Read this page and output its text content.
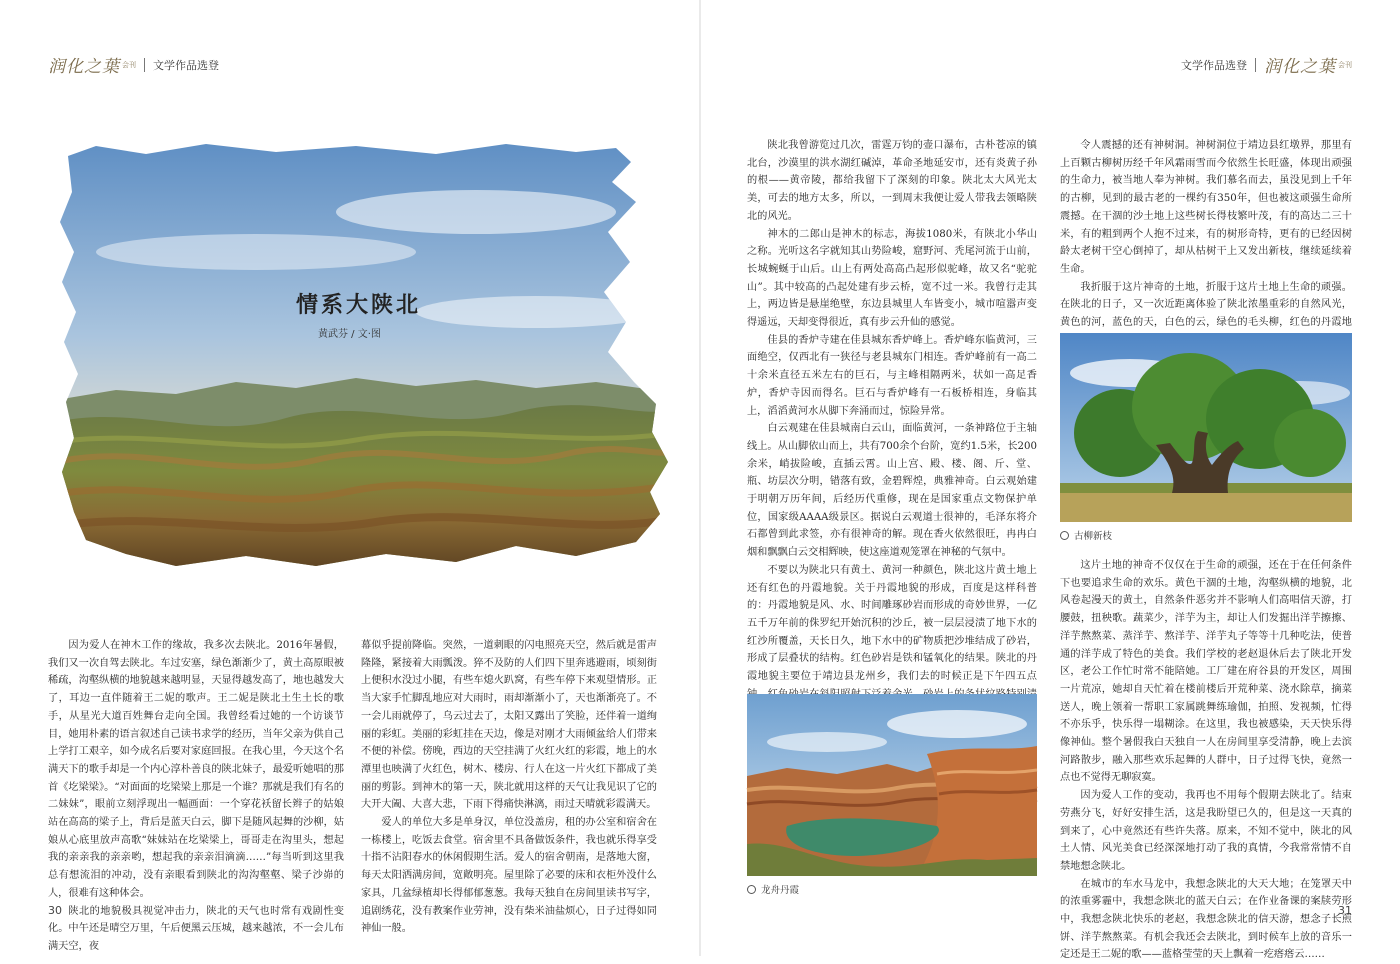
润化之葉 会刊 文学作品选登
情系大陕北
黄武芬 / 文·图

因为爱人在神木工作的缘故，我多次去陕北。2016年暑假，我们又一次自驾去陕北。车过安塞，绿色渐渐少了，黄土高原眼被稀疏，沟壑纵横的地貌越来越明显，天显得越发高了，地也越发大了，耳边一直伴随着王二妮的歌声。王二妮是陕北土生土长的歌手，从星光大道百姓舞台走向全国。我曾经看过她的一个访谈节目，她用朴素的语言叙述自己读书求学的经历，当年父亲为供自己上学打工艰辛，如今成名后要对家庭回报。在我心里，今天这个名满天下的歌手却是一个内心淳朴善良的陕北妹子，最爱听她唱的那首《圪梁梁》。“对面面的圪梁梁上那是一个谁？那就是我们有名的二妹妹”，眼前立刻浮现出一幅画面：一个穿花袄留长辫子的姑娘站在高高的梁子上，背后是蓝天白云，脚下是随风起舞的沙柳，姑娘从心底里放声高歌“妹妹站在圪梁梁上，哥哥走在沟里头，想起我的亲亲我的亲亲哟，想起我的亲亲泪滴滴……”每当听到这里我总有想流泪的冲动，没有亲眼看到陕北的沟沟壑壑、梁子沙峁的人，很难有这种体会。

陕北的地貌极具视觉冲击力，陕北的天气也时常有戏剧性变化。中午还是晴空万里，午后便黑云压城，越来越浓，不一会儿布满天空，夜

幕似乎提前降临。突然，一道刺眼的闪电照亮天空，然后就是雷声隆隆，紧接着大雨瓢泼。猝不及防的人们四下里奔逃避雨，顷刻街上便积水没过小腿，有些车熄火趴窝，有些车停下来观望情形。正当大家手忙脚乱地应对大雨时，雨却渐渐小了，天也渐渐亮了。不一会儿雨就停了，乌云过去了，太阳又露出了笑脸，还伴着一道绚丽的彩虹。美丽的彩虹挂在天边，像是对刚才大雨倾盆给人们带来不便的补偿。傍晚，西边的天空挂满了火红火红的彩霞，地上的水潭里也映满了火红色，树木、楼房、行人在这一片火红下都成了美丽的剪影。到神木的第一天，陕北就用这样的天气让我见识了它的大开大阖、大喜大悲，下雨下得痛快淋漓，雨过天晴就彩霞满天。

爱人的单位大多是单身汉，单位没盖房，租的办公室和宿舍在一栋楼上，吃饭去食堂。宿舍里不具备做饭条件，我也就乐得享受十指不沾阳春水的休闲假期生活。爱人的宿舍朝南，是落地大窗，每天太阳洒满房间，宽敞明亮。屋里除了必要的床和衣柜外没什么家具，几盆绿植却长得郁郁葱葱。我每天独自在房间里读书写字，追剧绣花，没有教案作业劳神，没有柴米油盐烦心，日子过得如同神仙一般。

30
文学作品选登 润化之葉 会刊

陕北我曾游览过几次，雷霆万钧的壶口瀑布，古朴苍凉的镇北台，沙漠里的洪水湖红碱淖，革命圣地延安市，还有炎黄子孙的根——黄帝陵，都给我留下了深刻的印象。陕北太大风光太美，可去的地方太多，所以，一到周末我便让爱人带我去领略陕北的风光。

神木的二郎山是神木的标志，海拔1080米，有陕北小华山之称。光听这名字就知其山势险峻，窟野河、秃尾河流于山前，长城蜿蜒于山后。山上有两处高高凸起形似驼峰，故又名“驼驼山”。其中较高的凸起处建有步云桥，宽不过一米。我曾行走其上，两边皆是悬崖绝壁，东边县城里人车皆变小，城市喧嚣声变得遥远，天却变得很近，真有步云升仙的感觉。

佳县的香炉寺建在佳县城东香炉峰上。香炉峰东临黄河，三面绝空，仅西北有一狭径与老县城东门相连。香炉峰前有一高二十余米直径五米左右的巨石，与主峰相隔两米，状如一高足香炉，香炉寺因而得名。巨石与香炉峰有一石板桥相连，身临其上，滔滔黄河水从脚下奔涌而过，惊险异常。

白云观建在佳县城南白云山，面临黄河，一条神路位于主轴线上。从山脚依山而上，共有700余个台阶，宽约1.5米，长200余米，峭拔险峻，直插云霄。山上宫、殿、楼、阁、斤、堂、瓶、坊层次分明，错落有致，金碧辉煌，典雅神奇。白云观始建于明朝万历年间，后经历代重修，现在是国家重点文物保护单位，国家级AAAA级景区。据说白云观道士很神的，毛泽东将介石都曾到此求签，亦有很神奇的解。现在香火依然很旺，冉冉白烟和飘飘白云交相辉映，使这座道观笼罩在神秘的气氛中。

不要以为陕北只有黄土、黄河一种颜色，陕北这片黄土地上还有红色的丹霞地貌。关于丹霞地貌的形成，百度是这样科普的：丹霞地貌是风、水、时间雕琢砂岩而形成的奇妙世界，一亿五千万年前的侏罗纪开始沉积的沙丘，被一层层浸渍了地下水的红沙所覆盖，天长日久，地下水中的矿物质把沙堆结成了砂岩，形成了层叠状的结构。红色砂岩是铁和锰氧化的结果。陕北的丹霞地貌主要位于靖边县龙州乡，我们去的时候正是下午四五点

龙舟丹霞

令人震撼的还有神树洞。神树洞位于靖边县红墩界，那里有上百颗古柳树历经千年风霜雨雪而今依然生长旺盛，体现出顽强的生命力，被当地人奉为神树。我们慕名而去，虽没见到上千年的古柳，见到的最古老的一棵约有350年，但也被这顽强生命所震撼。在干涸的沙土地上这些树长得枝繁叶茂，有的高达二三十米，有的粗到两个人抱不过来，有的树形奇特，更有的已经因树龄太老树干空心倒掉了，却从枯树干上又发出新枝，继续延续着生命。

我折服于这片神奇的土地，折服于这片土地上生命的顽强。在陕北的日子，又一次近距离体验了陕北浓墨重彩的自然风光，黄色的河，蓝色的天，白色的云，绿色的毛头柳，红色的丹霞地

古柳新枝

这片土地的神奇不仅仅在于生命的顽强，还在于在任何条件下也要追求生命的欢乐。黄色干涸的土地，沟壑纵横的地貌，北风卷起漫天的黄土，自然条件恶劣并不影响人们高唱信天游，打腰鼓，扭秧歌。蔬菜少，洋芋为主，却让人们发掘出洋芋擦擦、洋芋熬熬菜、蒸洋芋、熬洋芋、洋芋丸子等等十几种吃法，使普通的洋芋成了特色的美食。我们学校的老赵退休后去了陕北开发区，老公工作忙时常不能陪她。工厂建在府谷县的开发区，周围一片荒凉，她却自天忙着在楼前楼后开荒种菜、浇水除草，摘菜送人，晚上领着一帮职工家属跳舞练瑜伽，拍照、发视频，忙得不亦乐乎，快乐得一塌糊涂。在这里，我也被感染，天天快乐得像神仙。整个暑假我白天独自一人在房间里享受清静，晚上去滨河路散步，融入那些欢乐起舞的人群中，日子过得飞快，竟然一点也不觉得无聊寂寞。

因为爱人工作的变动，我再也不用每个假期去陕北了。结束劳燕分飞，好好安排生活，这是我盼望已久的，但是这一天真的到来了，心中竟然还有些许失落。原来，不知不觉中，陕北的风土人情、风光美食已经深深地打动了我的真情，今我常常情不自禁地想念陕北。

在城市的车水马龙中，我想念陕北的大天大地；在笼罩天中的浓重雾霾中，我想念陕北的蓝天白云；在作业备课的案牍劳形中，我想念陕北快乐的老赵，我想念陕北的信天游，想念子长煎饼、洋芋熬熬菜。有机会我还会去陕北，到时候车上放的音乐一定还是王二妮的歌——蓝格莹莹的天上飘着一疙瘩瘩云……

31
